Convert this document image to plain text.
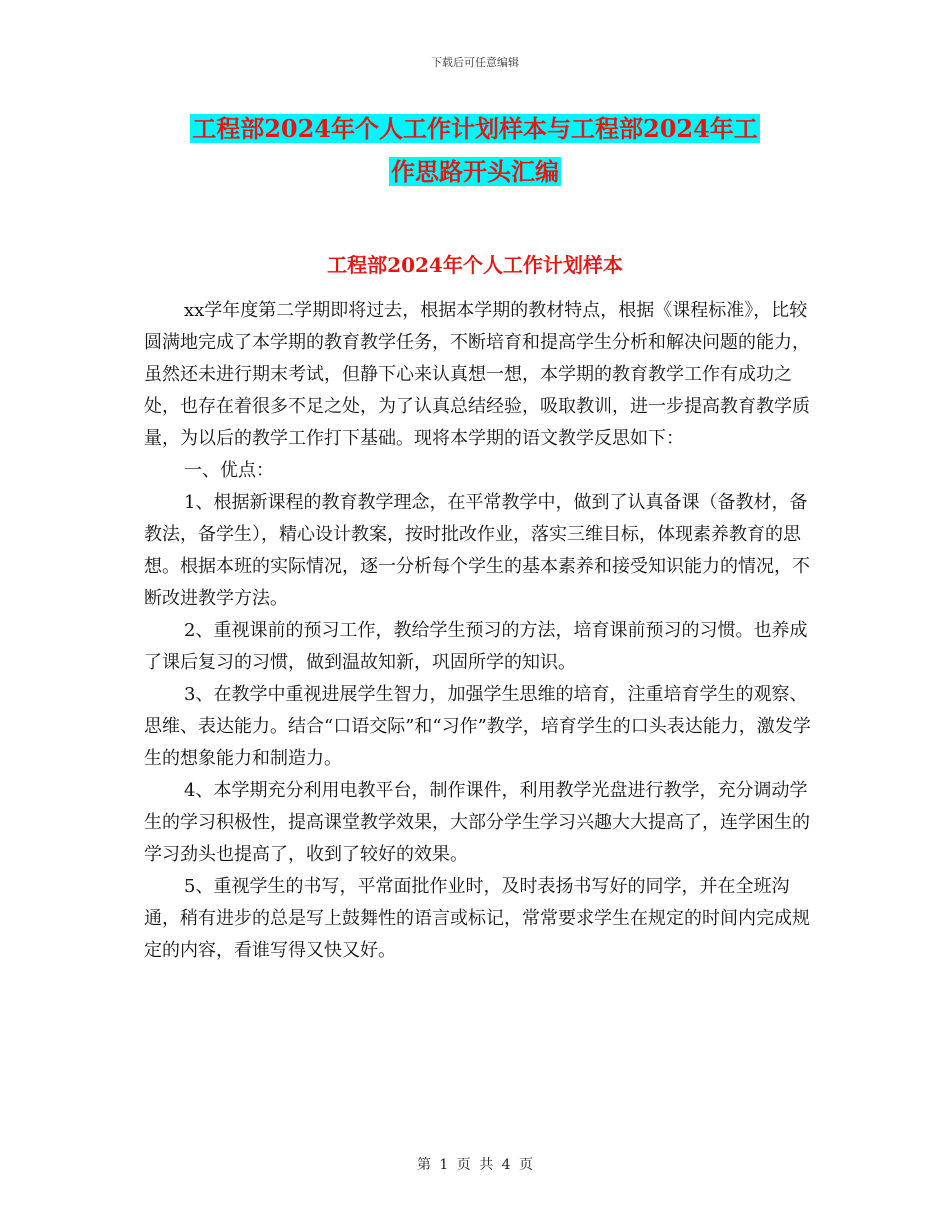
下载后可任意编辑
工程部2024年个人工作计划样本与工程部2024年工
作思路开头汇编
工程部2024年个人工作计划样本

xx学年度第二学期即将过去，根据本学期的教材特点，根据《课程标准》，比较圆满地完成了本学期的教育教学任务，不断培育和提高学生分析和解决问题的能力，虽然还未进行期末考试，但静下心来认真想一想，本学期的教育教学工作有成功之处，也存在着很多不足之处，为了认真总结经验，吸取教训，进一步提高教育教学质量，为以后的教学工作打下基础。现将本学期的语文教学反思如下：

一、优点：

1、根据新课程的教育教学理念，在平常教学中，做到了认真备课（备教材，备教法，备学生），精心设计教案，按时批改作业，落实三维目标，体现素养教育的思想。根据本班的实际情况，逐一分析每个学生的基本素养和接受知识能力的情况，不断改进教学方法。

2、重视课前的预习工作，教给学生预习的方法，培育课前预习的习惯。也养成了课后复习的习惯，做到温故知新，巩固所学的知识。

3、在教学中重视进展学生智力，加强学生思维的培育，注重培育学生的观察、思维、表达能力。结合“口语交际”和“习作”教学，培育学生的口头表达能力，激发学生的想象能力和制造力。

4、本学期充分利用电教平台，制作课件，利用教学光盘进行教学，充分调动学生的学习积极性，提高课堂教学效果，大部分学生学习兴趣大大提高了，连学困生的学习劲头也提高了，收到了较好的效果。

5、重视学生的书写，平常面批作业时，及时表扬书写好的同学，并在全班沟通，稍有进步的总是写上鼓舞性的语言或标记，常常要求学生在规定的时间内完成规定的内容，看谁写得又快又好。

第 1 页 共 4 页
